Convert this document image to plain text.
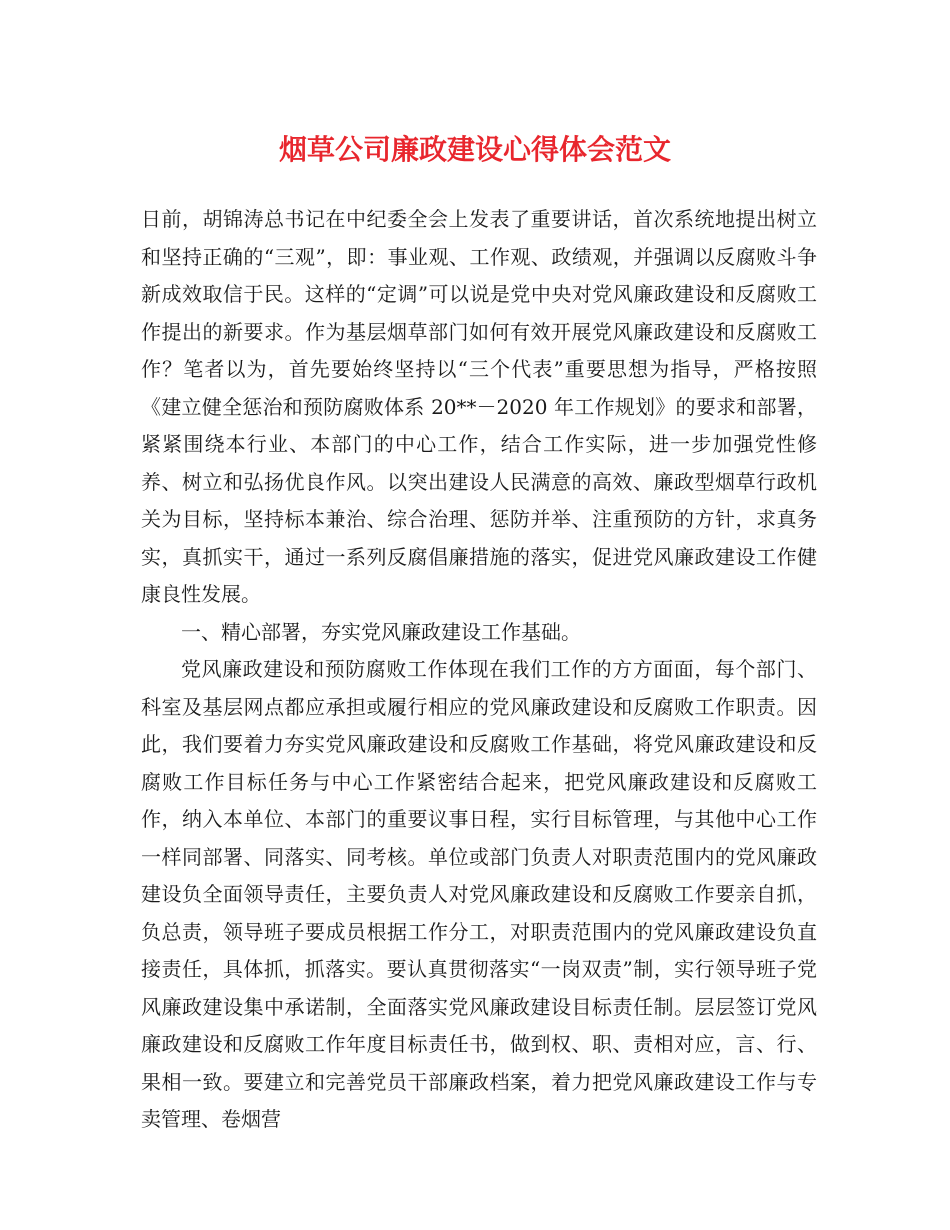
烟草公司廉政建设心得体会范文

日前，胡锦涛总书记在中纪委全会上发表了重要讲话，首次系统地提出树立和坚持正确的“三观”，即：事业观、工作观、政绩观，并强调以反腐败斗争新成效取信于民。这样的“定调”可以说是党中央对党风廉政建设和反腐败工作提出的新要求。作为基层烟草部门如何有效开展党风廉政建设和反腐败工作？笔者以为，首先要始终坚持以“三个代表”重要思想为指导，严格按照《建立健全惩治和预防腐败体系 20**－2020 年工作规划》的要求和部署，紧紧围绕本行业、本部门的中心工作，结合工作实际，进一步加强党性修养、树立和弘扬优良作风。以突出建设人民满意的高效、廉政型烟草行政机关为目标，坚持标本兼治、综合治理、惩防并举、注重预防的方针，求真务实，真抓实干，通过一系列反腐倡廉措施的落实，促进党风廉政建设工作健康良性发展。

一、精心部署，夯实党风廉政建设工作基础。

党风廉政建设和预防腐败工作体现在我们工作的方方面面，每个部门、科室及基层网点都应承担或履行相应的党风廉政建设和反腐败工作职责。因此，我们要着力夯实党风廉政建设和反腐败工作基础，将党风廉政建设和反腐败工作目标任务与中心工作紧密结合起来，把党风廉政建设和反腐败工作，纳入本单位、本部门的重要议事日程，实行目标管理，与其他中心工作一样同部署、同落实、同考核。单位或部门负责人对职责范围内的党风廉政建设负全面领导责任，主要负责人对党风廉政建设和反腐败工作要亲自抓，负总责，领导班子要成员根据工作分工，对职责范围内的党风廉政建设负直接责任，具体抓，抓落实。要认真贯彻落实“一岗双责”制，实行领导班子党风廉政建设集中承诺制，全面落实党风廉政建设目标责任制。层层签订党风廉政建设和反腐败工作年度目标责任书，做到权、职、责相对应，言、行、果相一致。要建立和完善党员干部廉政档案，着力把党风廉政建设工作与专卖管理、卷烟营
